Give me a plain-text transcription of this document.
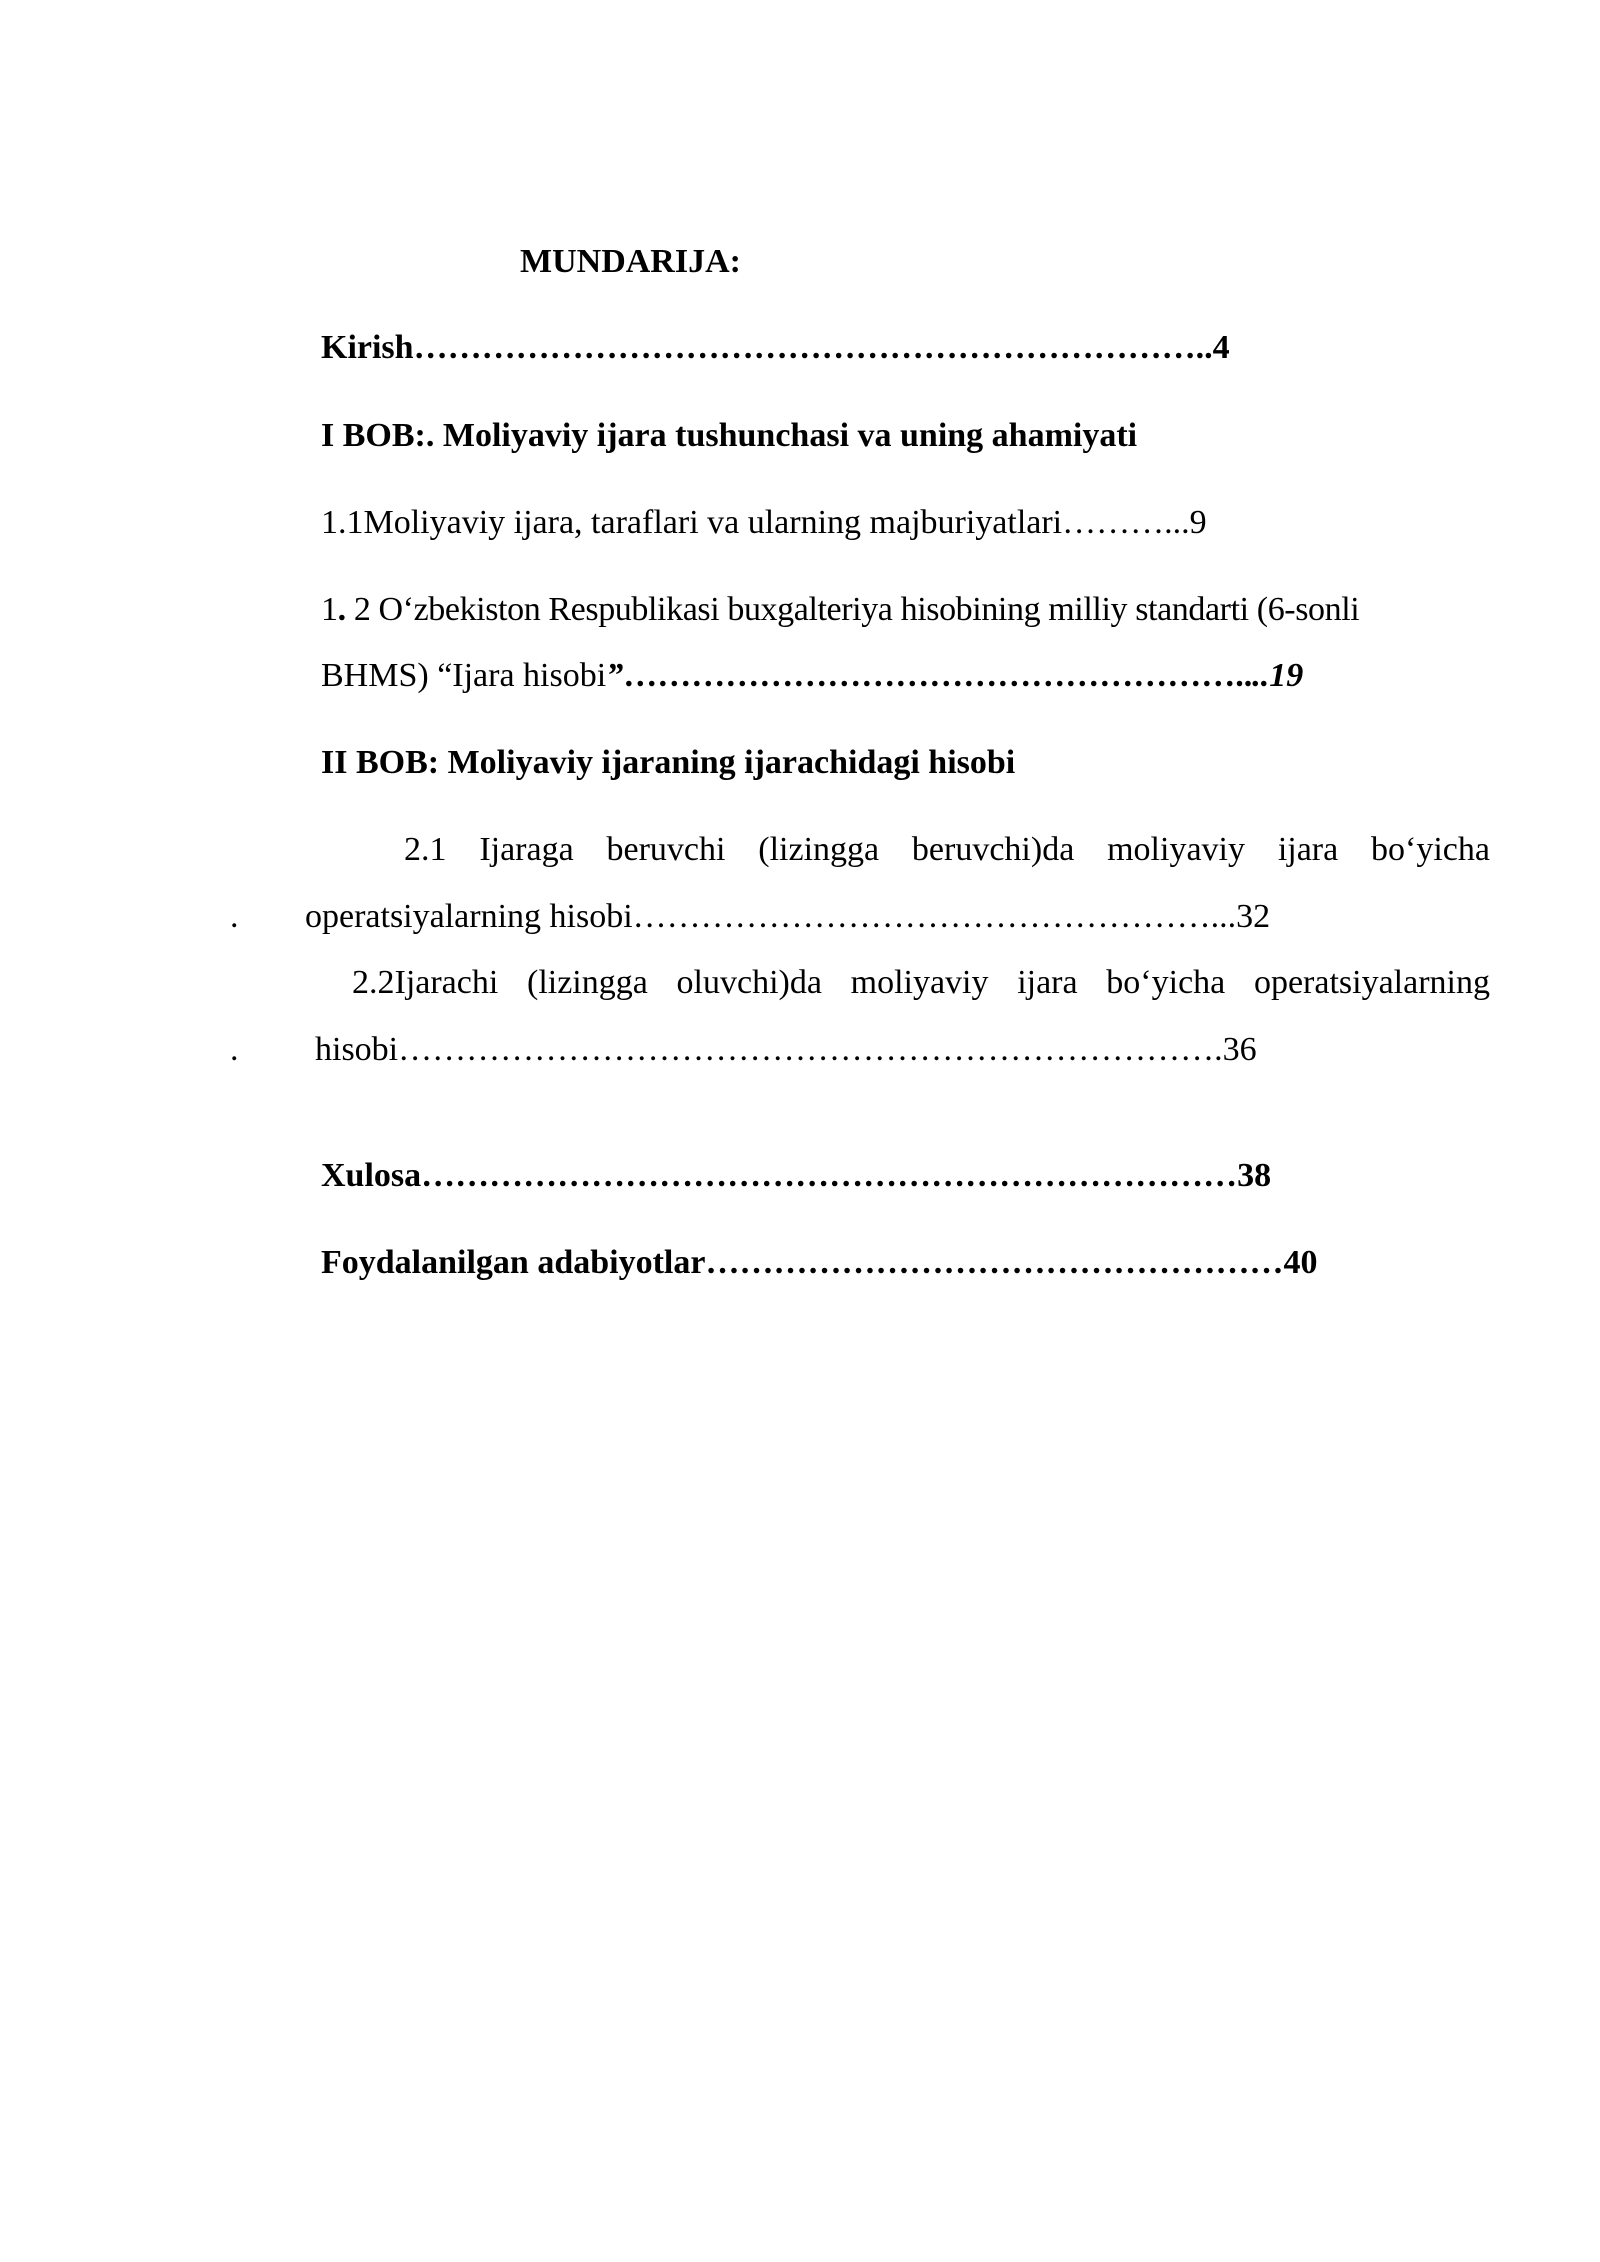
MUNDARIJA:
Kirish……………………………………………………………..4
I BOB:. Moliyaviy ijara tushunchasi va uning ahamiyati
1.1Moliyaviy ijara, taraflari va ularning majburiyatlari………...9
1. 2 O‘zbekiston Respublikasi buxgalteriya hisobining milliy standarti (6-sonli
BHMS) “Ijara hisobi”………………………………………………....19
II BOB: Moliyaviy ijaraning ijarachidagi hisobi
2.1 Ijaraga beruvchi (lizingga beruvchi)da moliyaviy ijara bo‘yicha
. operatsiyalarning hisobi……………………………………………...32
2.2Ijarachi (lizingga oluvchi)da moliyaviy ijara bo‘yicha operatsiyalarning
. hisobi……………………………………………………………….36
Xulosa………………………………………………………………38
Foydalanilgan adabiyotlar……………………………………………40
